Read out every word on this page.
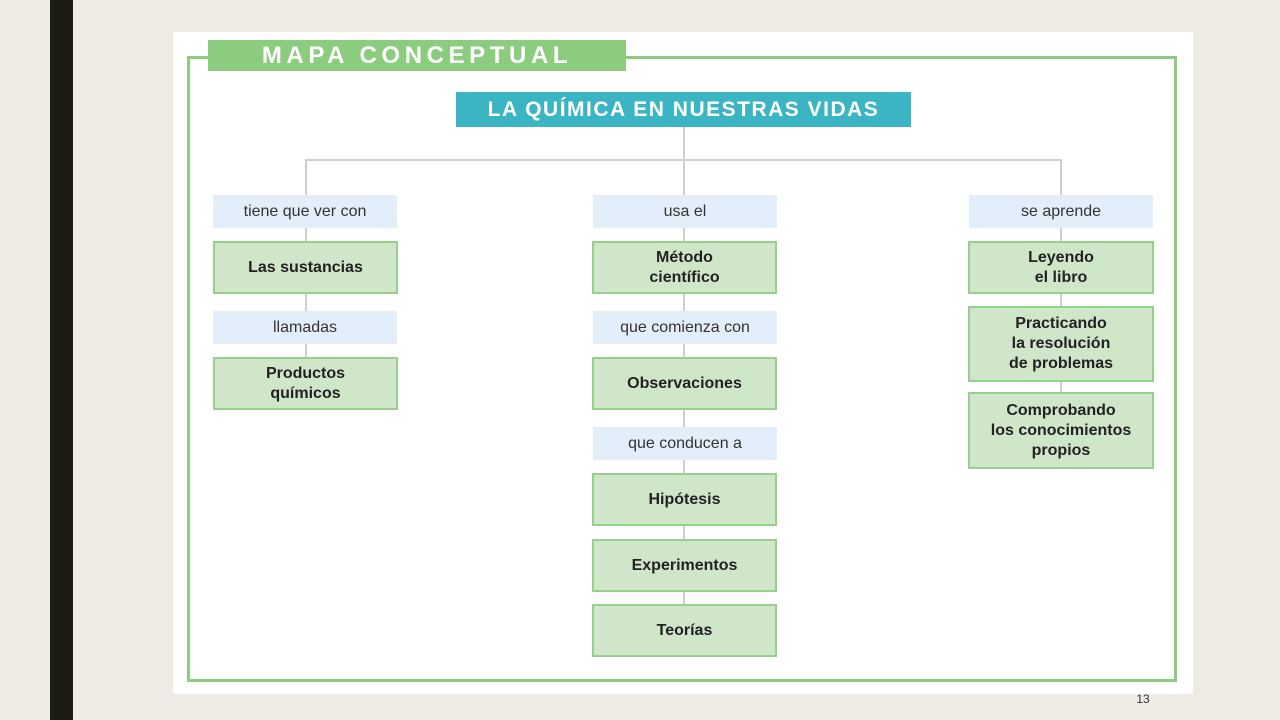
MAPA CONCEPTUAL
LA QUÍMICA EN NUESTRAS VIDAS
tiene que ver con
Las sustancias
llamadas
Productos
químicos
usa el
Método
científico
que comienza con
Observaciones
que conducen a
Hipótesis
Experimentos
Teorías
se aprende
Leyendo
el libro
Practicando
la resolución
de problemas
Comprobando
los conocimientos
propios
13
